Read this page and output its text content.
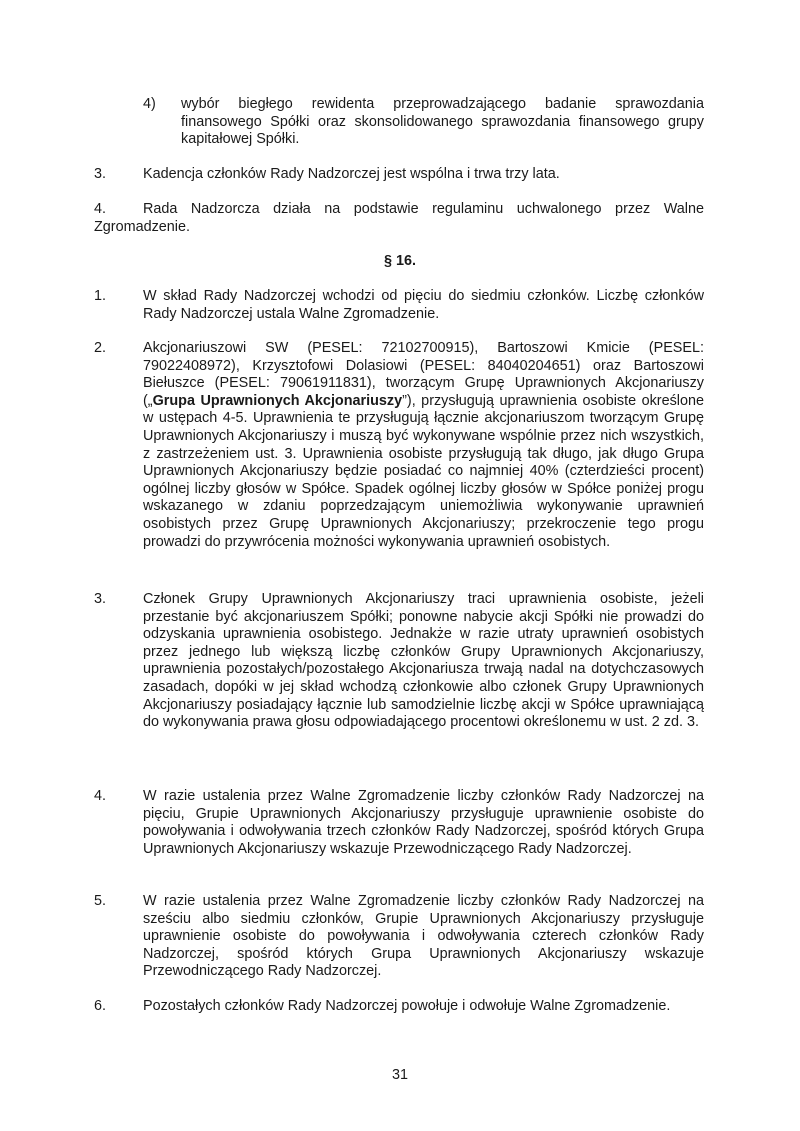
4) wybór biegłego rewidenta przeprowadzającego badanie sprawozdania finansowego Spółki oraz skonsolidowanego sprawozdania finansowego grupy kapitałowej Spółki.

3.	Kadencja członków Rady Nadzorczej jest wspólna i trwa trzy lata.

4.	Rada Nadzorcza działa na podstawie regulaminu uchwalonego przez Walne Zgromadzenie.

§ 16.
1.	W skład Rady Nadzorczej wchodzi od pięciu do siedmiu członków. Liczbę członków Rady Nadzorczej ustala Walne Zgromadzenie.

2.	Akcjonariuszowi SW (PESEL: 72102700915), Bartoszowi Kmicie (PESEL: 79022408972), Krzysztofowi Dolasiowi (PESEL: 84040204651) oraz Bartoszowi Biełuszce (PESEL: 79061911831), tworzącym Grupę Uprawnionych Akcjonariuszy („Grupa Uprawnionych Akcjonariuszy”), przysługują uprawnienia osobiste określone w ustępach 4-5. Uprawnienia te przysługują łącznie akcjonariuszom tworzącym Grupę Uprawnionych Akcjonariuszy i muszą być wykonywane wspólnie przez nich wszystkich, z zastrzeżeniem ust. 3. Uprawnienia osobiste przysługują tak długo, jak długo Grupa Uprawnionych Akcjonariuszy będzie posiadać co najmniej 40% (czterdzieści procent) ogólnej liczby głosów w Spółce. Spadek ogólnej liczby głosów w Spółce poniżej progu wskazanego w zdaniu poprzedzającym uniemożliwia wykonywanie uprawnień osobistych przez Grupę Uprawnionych Akcjonariuszy; przekroczenie tego progu prowadzi do przywrócenia możności wykonywania uprawnień osobistych.

3.	Członek Grupy Uprawnionych Akcjonariuszy traci uprawnienia osobiste, jeżeli przestanie być akcjonariuszem Spółki; ponowne nabycie akcji Spółki nie prowadzi do odzyskania uprawnienia osobistego. Jednakże w razie utraty uprawnień osobistych przez jednego lub większą liczbę członków Grupy Uprawnionych Akcjonariuszy, uprawnienia pozostałych/pozostałego Akcjonariusza trwają nadal na dotychczasowych zasadach, dopóki w jej skład wchodzą członkowie albo członek Grupy Uprawnionych Akcjonariuszy posiadający łącznie lub samodzielnie liczbę akcji w Spółce uprawniającą do wykonywania prawa głosu odpowiadającego procentowi określonemu w ust. 2 zd. 3.

4.	W razie ustalenia przez Walne Zgromadzenie liczby członków Rady Nadzorczej na pięciu, Grupie Uprawnionych Akcjonariuszy przysługuje uprawnienie osobiste do powoływania i odwoływania trzech członków Rady Nadzorczej, spośród których Grupa Uprawnionych Akcjonariuszy wskazuje Przewodniczącego Rady Nadzorczej.

5.	W razie ustalenia przez Walne Zgromadzenie liczby członków Rady Nadzorczej na sześciu albo siedmiu członków, Grupie Uprawnionych Akcjonariuszy przysługuje uprawnienie osobiste do powoływania i odwoływania czterech członków Rady Nadzorczej, spośród których Grupa Uprawnionych Akcjonariuszy wskazuje Przewodniczącego Rady Nadzorczej.

6.	Pozostałych członków Rady Nadzorczej powołuje i odwołuje Walne Zgromadzenie.

31
